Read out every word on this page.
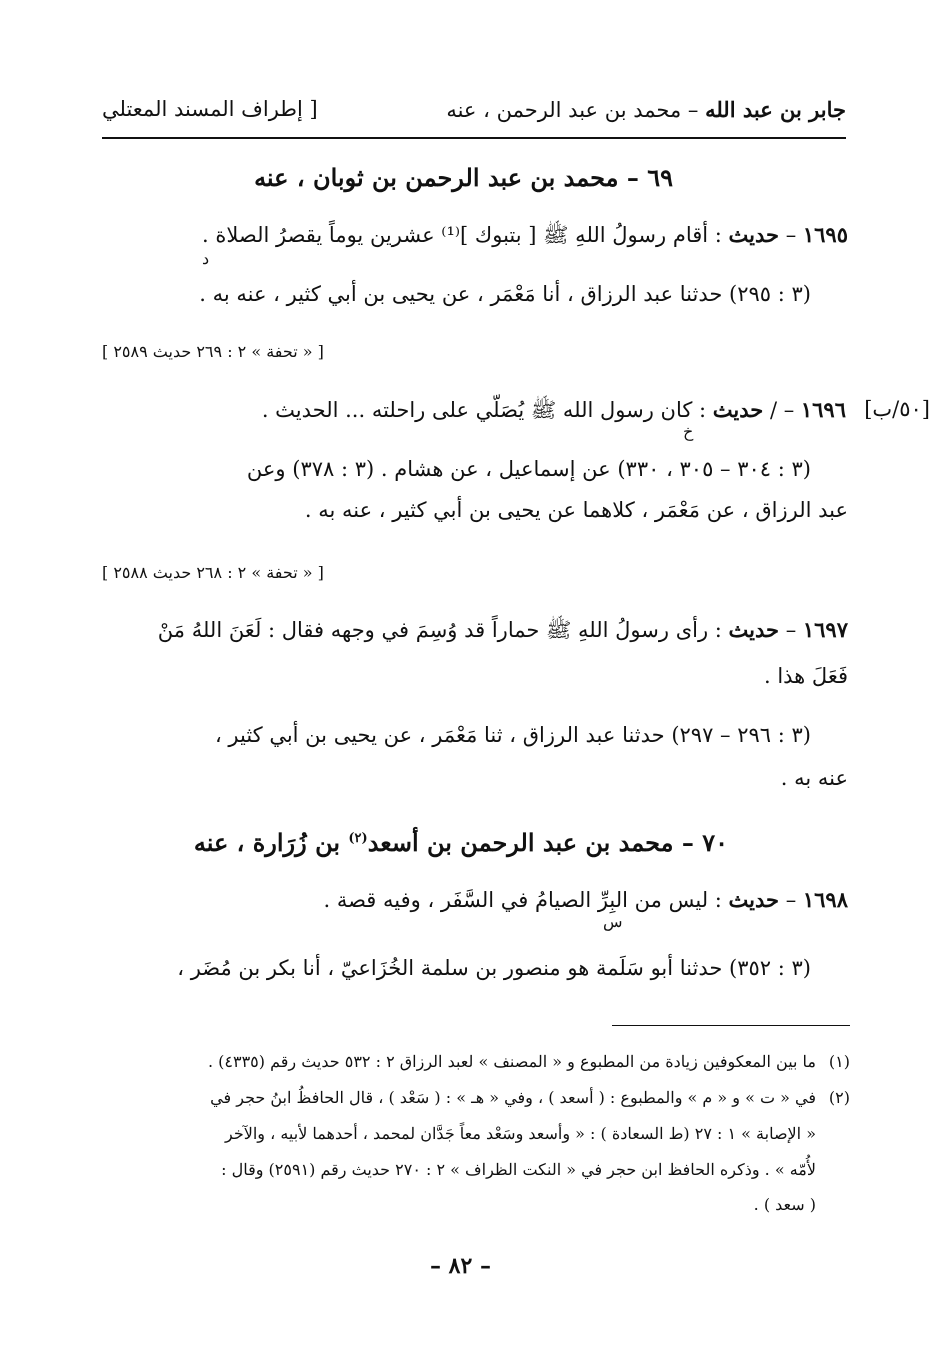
جابر بن عبد الله – محمد بن عبد الرحمن ، عنه
[ إطراف المسند المعتلي
٦٩ – محمد بن عبد الرحمن بن ثوبان ، عنه
١٦٩٥ – حديث : أقام رسولُ اللهِ ﷺ [ بتبوك ]⁽¹⁾ عشرين يوماً يقصرُ الصلاة .
د
(٣ : ٢٩٥) حدثنا عبد الرزاق ، أنا مَعْمَر ، عن يحيى بن أبي كثير ، عنه به .
[ « تحفة » ٢ : ٢٦٩ حديث ٢٥٨٩ ]
[٥٠/ب]
١٦٩٦ – / حديث : كان رسول الله ﷺ يُصَلّي على راحلته ... الحديث .
خ
(٣ : ٣٠٤ – ٣٠٥ ، ٣٣٠) عن إسماعيل ، عن هشام . (٣ : ٣٧٨) وعن
عبد الرزاق ، عن مَعْمَر ، كلاهما عن يحيى بن أبي كثير ، عنه به .
[ « تحفة » ٢ : ٢٦٨ حديث ٢٥٨٨ ]
١٦٩٧ – حديث : رأى رسولُ اللهِ ﷺ حماراً قد وُسِمَ في وجهه فقال : لَعَنَ اللهُ مَنْ
فَعَلَ هذا .
(٣ : ٢٩٦ – ٢٩٧) حدثنا عبد الرزاق ، ثنا مَعْمَر ، عن يحيى بن أبي كثير ،
عنه به .
٧٠ – محمد بن عبد الرحمن بن أسعد$^{(٢)}$ بن زُرَارة ، عنه
١٦٩٨ – حديث : ليس من البِرِّ الصيامُ في السَّفَر ، وفيه قصة .
س
(٣ : ٣٥٢) حدثنا أبو سَلَمة هو منصور بن سلمة الخُزَاعيّ ، أنا بكر بن مُضَر ،
(١)
ما بين المعكوفين زيادة من المطبوع و « المصنف » لعبد الرزاق ٢ : ٥٣٢ حديث رقم (٤٣٣٥) .
(٢)
في « ت » و « م » والمطبوع : ( أسعد ) ، وفي « هـ » : ( سَعْد ) ، قال الحافظُ ابنُ حجر في
« الإصابة » ١ : ٢٧ (ط السعادة ) : « وأسعد وسَعْد معاً جَدَّان لمحمد ، أحدهما لأبيه ، والآخر
لأُمّه » . وذكره الحافظ ابن حجر في « النكت الظراف » ٢ : ٢٧٠ حديث رقم (٢٥٩١) وقال :
( سعد ) .
– ٨٢ –
